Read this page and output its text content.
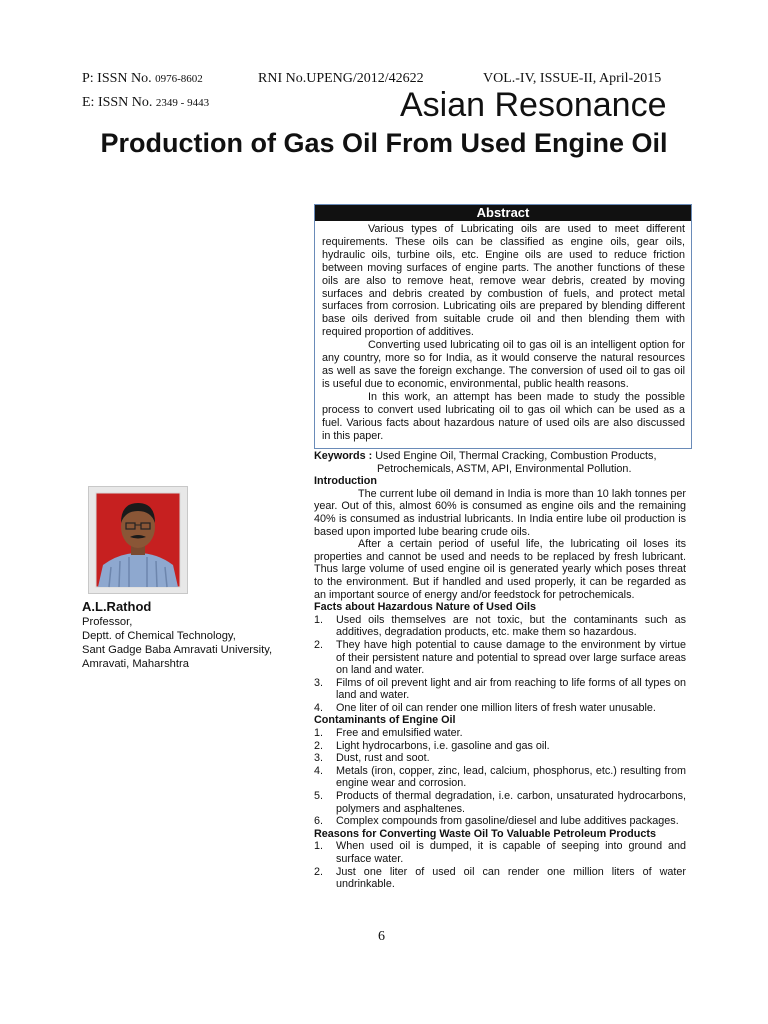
P: ISSN No. 0976-8602	RNI No.UPENG/2012/42622	VOL.-IV, ISSUE-II, April-2015
E: ISSN No. 2349 - 9443	Asian Resonance
Production of Gas Oil From Used Engine Oil
Abstract

Various types of Lubricating oils are used to meet different requirements. These oils can be classified as engine oils, gear oils, hydraulic oils, turbine oils, etc. Engine oils are used to reduce friction between moving surfaces of engine parts. The another functions of these oils are also to remove heat, remove wear debris, created by moving surfaces and debris created by combustion of fuels, and protect metal surfaces from corrosion. Lubricating oils are prepared by blending different base oils derived from suitable crude oil and then blending them with required proportion of additives.

Converting used lubricating oil to gas oil is an intelligent option for any country, more so for India, as it would conserve the natural resources as well as save the foreign exchange. The conversion of used oil to gas oil is useful due to economic, environmental, public health reasons.

In this work, an attempt has been made to study the possible process to convert used lubricating oil to gas oil which can be used as a fuel. Various facts about hazardous nature of used oils are also discussed in this paper.

Keywords : Used Engine Oil, Thermal Cracking, Combustion Products,

Petrochemicals, ASTM, API, Environmental Pollution.

Introduction

The current lube oil demand in India is more than 10 lakh tonnes per year. Out of this, almost 60% is consumed as engine oils and the remaining 40% is consumed as industrial lubricants. In India entire lube oil production is based upon imported lube bearing crude oils.

After a certain period of useful life, the lubricating oil loses its properties and cannot be used and needs to be replaced by fresh lubricant. Thus large volume of used engine oil is generated yearly which poses threat to the environment. But if handled and used properly, it can be regarded as an important source of energy and/or feedstock for petrochemicals.

Facts about Hazardous Nature of Used Oils
1. Used oils themselves are not toxic, but the contaminants such as additives, degradation products, etc. make them so hazardous.
2. They have high potential to cause damage to the environment by virtue of their persistent nature and potential to spread over large surface areas on land and water.
3. Films of oil prevent light and air from reaching to life forms of all types on land and water.
4. One liter of oil can render one million liters of fresh water unusable.
Contaminants of Engine Oil
1. Free and emulsified water.
2. Light hydrocarbons, i.e. gasoline and gas oil.
3. Dust, rust and soot.
4. Metals (iron, copper, zinc, lead, calcium, phosphorus, etc.) resulting from engine wear and corrosion.
5. Products of thermal degradation, i.e. carbon, unsaturated hydrocarbons, polymers and asphaltenes.
6. Complex compounds from gasoline/diesel and lube additives packages.
Reasons for Converting Waste Oil To Valuable Petroleum Products
1. When used oil is dumped, it is capable of seeping into ground and surface water.
2. Just one liter of used oil can render one million liters of water undrinkable.
A.L.Rathod
Professor,
Deptt. of Chemical Technology,
Sant Gadge Baba Amravati University,
Amravati, Maharshtra
6
